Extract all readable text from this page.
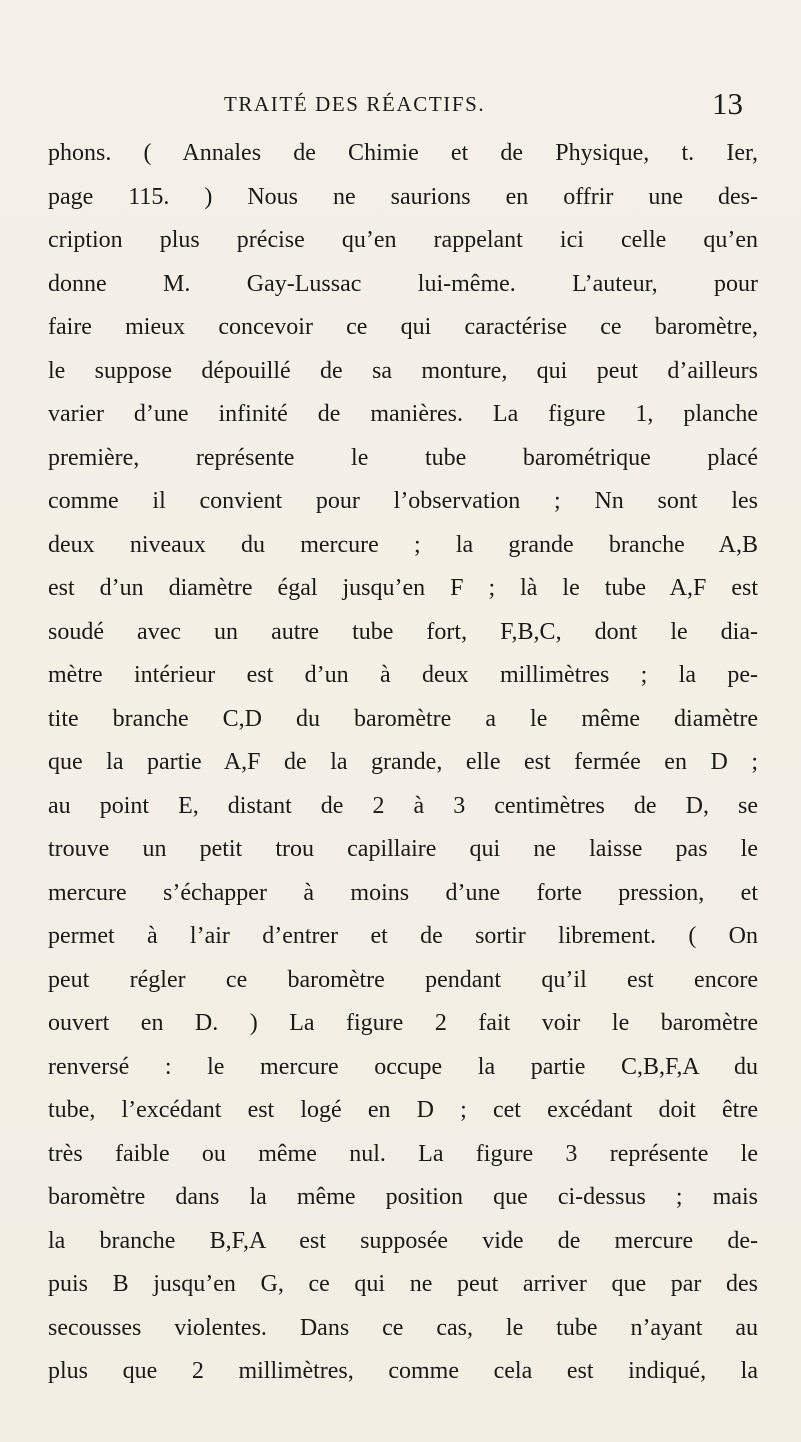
TRAITÉ DES RÉACTIFS.	13
phons. ( Annales de Chimie et de Physique, t. Ier,
page 115. ) Nous ne saurions en offrir une des-
cription plus précise qu’en rappelant ici celle qu’en
donne M. Gay-Lussac lui-même. L’auteur, pour
faire mieux concevoir ce qui caractérise ce baromètre,
le suppose dépouillé de sa monture, qui peut d’ailleurs
varier d’une infinité de manières. La figure 1, planche
première, représente le tube barométrique placé
comme il convient pour l’observation ; Nn sont les
deux niveaux du mercure ; la grande branche A,B
est d’un diamètre égal jusqu’en F ; là le tube A,F est
soudé avec un autre tube fort, F,B,C, dont le dia-
mètre intérieur est d’un à deux millimètres ; la pe-
tite branche C,D du baromètre a le même diamètre
que la partie A,F de la grande, elle est fermée en D ;
au point E, distant de 2 à 3 centimètres de D, se
trouve un petit trou capillaire qui ne laisse pas le
mercure s’échapper à moins d’une forte pression, et
permet à l’air d’entrer et de sortir librement. ( On
peut régler ce baromètre pendant qu’il est encore
ouvert en D. ) La figure 2 fait voir le baromètre
renversé : le mercure occupe la partie C,B,F,A du
tube, l’excédant est logé en D ; cet excédant doit être
très faible ou même nul. La figure 3 représente le
baromètre dans la même position que ci-dessus ; mais
la branche B,F,A est supposée vide de mercure de-
puis B jusqu’en G, ce qui ne peut arriver que par des
secousses violentes. Dans ce cas, le tube n’ayant au
plus que 2 millimètres, comme cela est indiqué, la
